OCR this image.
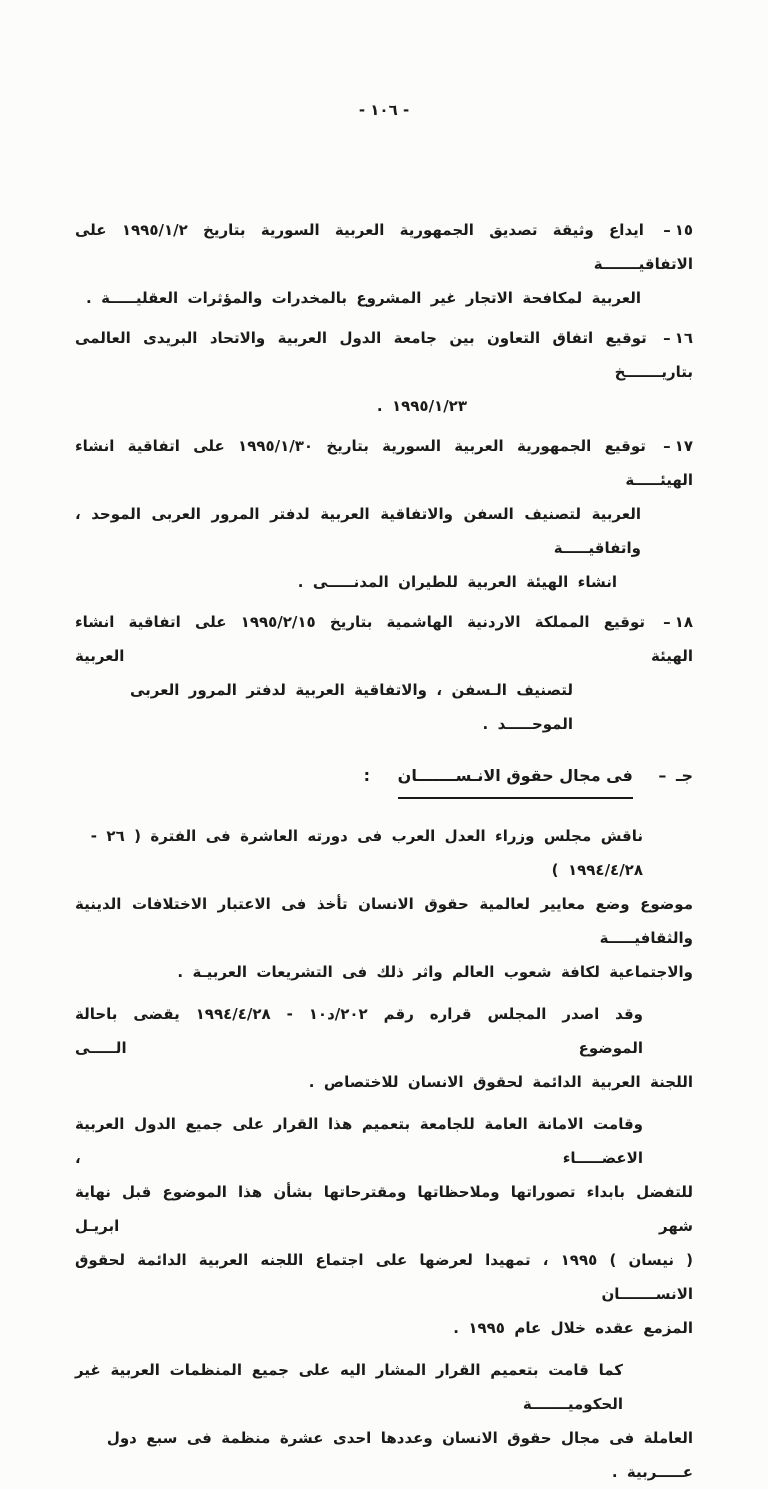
- ١٠٦ -
١٥– ايداع وثيقة تصديق الجمهورية العربية السورية بتاريخ ١٩٩٥/١/٢ على الاتفاقيـــــــة
العربية لمكافحة الاتجار غير المشروع بالمخدرات والمؤثرات العقليـــــة .
١٦– توقيع اتفاق التعاون بين جامعة الدول العربية والاتحاد البريدى العالمى بتاريـــــــخ
١٩٩٥/١/٢٣ .
١٧– توقيع الجمهورية العربية السورية بتاريخ ١٩٩٥/١/٣٠ على اتفاقية انشاء الهيئـــــة
العربية لتصنيف السفن والاتفاقية العربية لدفتر المرور العربى الموحد ، واتفاقيـــــة
انشاء الهيئة العربية للطيران المدنـــــى .
١٨– توقيع المملكة الاردنية الهاشمية بتاريخ ١٩٩٥/٢/١٥ على اتفاقية انشاء الهيئة العربية
لتصنيف الـسفن ، والاتفاقية العربية لدفتر المرور العربى الموحـــــد .
جـ – فى مجال حقوق الانـســـــــان :
ناقش مجلس وزراء العدل العرب فى دورته العاشرة فى الفترة ( ٢٦ - ١٩٩٤/٤/٢٨ )
موضوع وضع معايير لعالمية حقوق الانسان تأخذ فى الاعتبار الاختلافات الدينية والثقافيـــــة
والاجتماعية لكافة شعوب العالم واثر ذلك فى التشريعات العربيـة .
وقد اصدر المجلس قراره رقم ٢٠٢/د١٠ - ١٩٩٤/٤/٢٨ يقضى باحالة الموضوع الـــــى
اللجنة العربية الدائمة لحقوق الانسان للاختصاص .
وقامت الامانة العامة للجامعة بتعميم هذا القرار على جميع الدول العربية الاعضـــــاء ،
للتفضل بابداء تصوراتها وملاحظاتها ومقترحاتها بشأن هذا الموضوع قبل نهاية شهر ابريـل
( نيسان ) ١٩٩٥ ، تمهيدا لعرضها على اجتماع اللجنه العربية الدائمة لحقوق الانســـــــان
المزمع عقده خلال عام ١٩٩٥ .
كما قامت بتعميم القرار المشار اليه على جميع المنظمات العربية غير الحكوميـــــــة
العاملة فى مجال حقوق الانسان وعددها احدى عشرة منظمة فى سبع دول عـــــربية .
